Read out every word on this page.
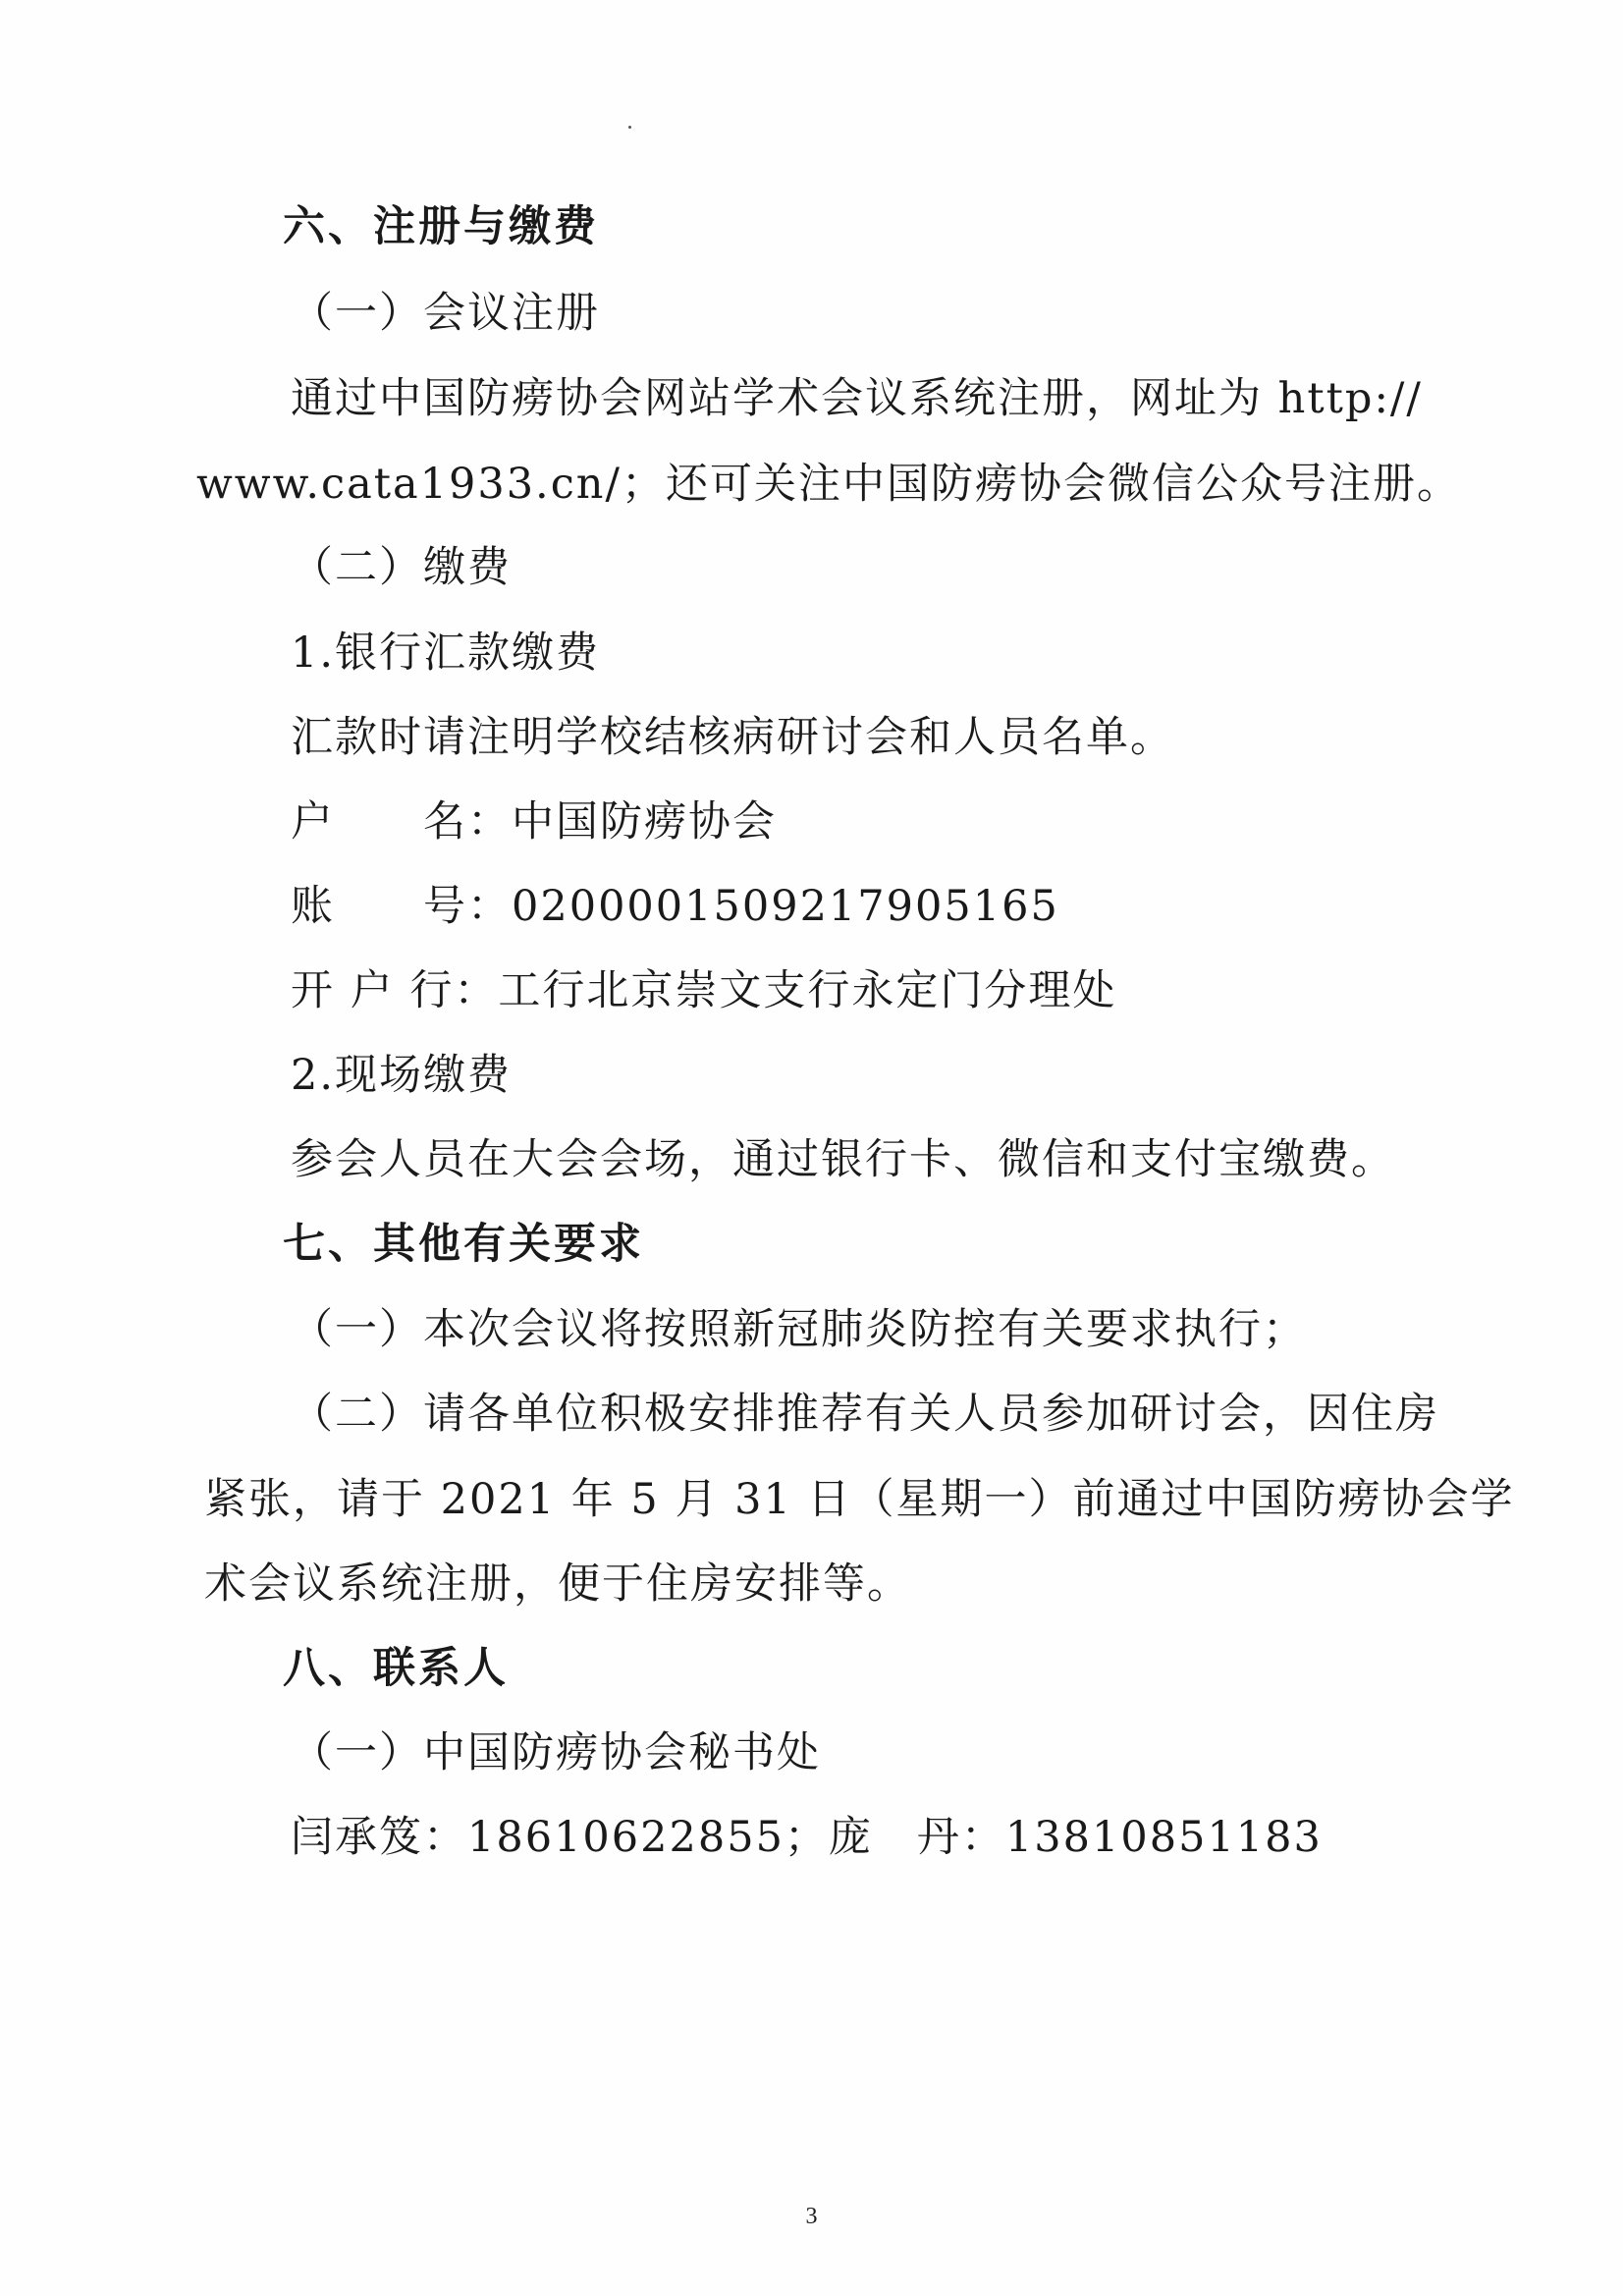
六、注册与缴费
（一）会议注册
通过中国防痨协会网站学术会议系统注册，网址为 http://
www.cata1933.cn/；还可关注中国防痨协会微信公众号注册。
（二）缴费
1.银行汇款缴费
汇款时请注明学校结核病研讨会和人员名单。
户　　名：中国防痨协会
账　　号：0200001509217905165
开 户 行：工行北京崇文支行永定门分理处
2.现场缴费
参会人员在大会会场，通过银行卡、微信和支付宝缴费。
七、其他有关要求
（一）本次会议将按照新冠肺炎防控有关要求执行；
（二）请各单位积极安排推荐有关人员参加研讨会，因住房
紧张，请于 2021 年 5 月 31 日（星期一）前通过中国防痨协会学
术会议系统注册，便于住房安排等。
八、联系人
（一）中国防痨协会秘书处
闫承笈：18610622855；庞　丹：13810851183
3
